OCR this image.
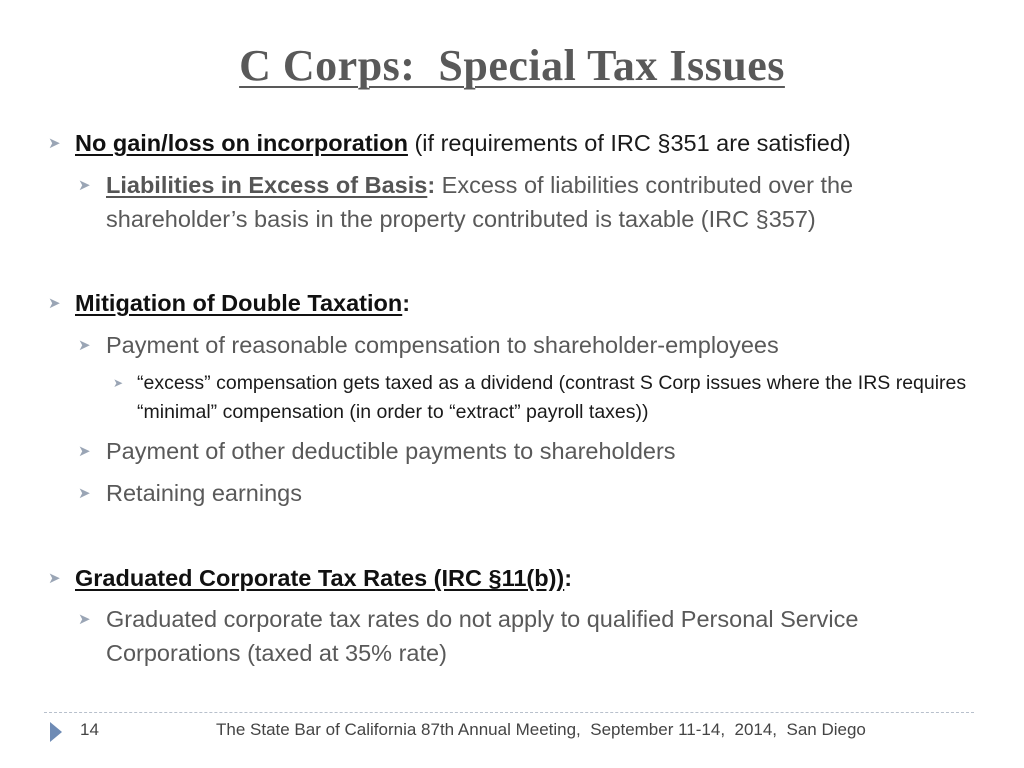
C Corps:  Special Tax Issues
➤ No gain/loss on incorporation (if requirements of IRC §351 are satisfied)
➤ Liabilities in Excess of Basis: Excess of liabilities contributed over the shareholder’s basis in the property contributed is taxable (IRC §357)
➤ Mitigation of Double Taxation:
➤ Payment of reasonable compensation to shareholder-employees
➤ “excess” compensation gets taxed as a dividend (contrast S Corp issues where the IRS requires “minimal” compensation (in order to “extract” payroll taxes))
➤ Payment of other deductible payments to shareholders
➤ Retaining earnings
➤ Graduated Corporate Tax Rates (IRC §11(b)):
➤ Graduated corporate tax rates do not apply to qualified Personal Service Corporations (taxed at 35% rate)
14	The State Bar of California 87th Annual Meeting,  September 11-14,  2014,  San Diego
